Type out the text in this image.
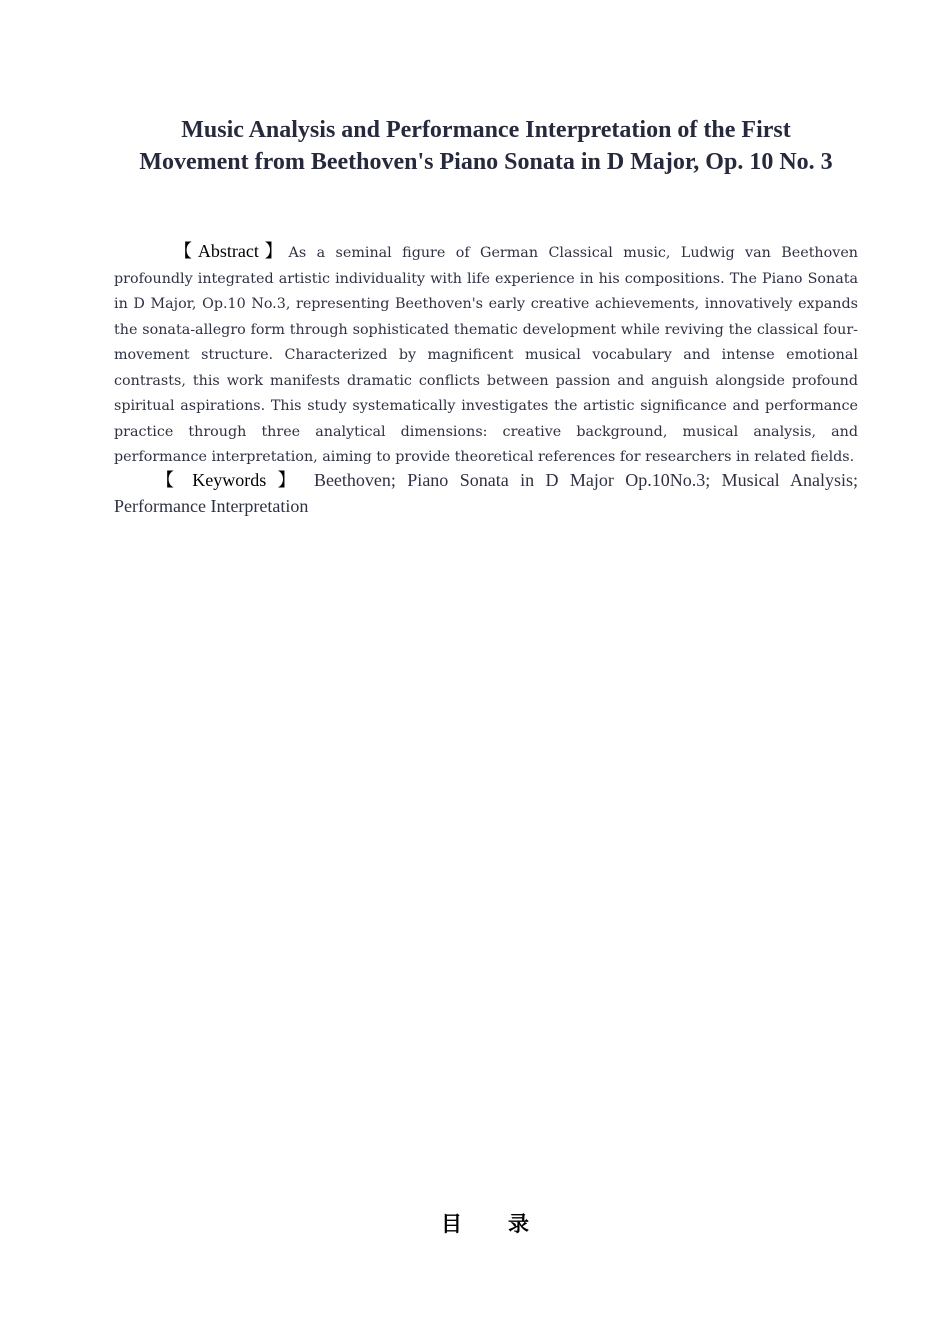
Music Analysis and Performance Interpretation of the First Movement from Beethoven's Piano Sonata in D Major, Op. 10 No. 3

【Abstract】As a seminal figure of German Classical music, Ludwig van Beethoven profoundly integrated artistic individuality with life experience in his compositions. The Piano Sonata in D Major, Op.10 No.3, representing Beethoven's early creative achievements, innovatively expands the sonata-allegro form through sophisticated thematic development while reviving the classical four-movement structure. Characterized by magnificent musical vocabulary and intense emotional contrasts, this work manifests dramatic conflicts between passion and anguish alongside profound spiritual aspirations. This study systematically investigates the artistic significance and performance practice through three analytical dimensions: creative background, musical analysis, and performance interpretation, aiming to provide theoretical references for researchers in related fields.

【 Keywords 】 Beethoven; Piano Sonata in D Major Op.10No.3; Musical Analysis; Performance Interpretation

目 录
